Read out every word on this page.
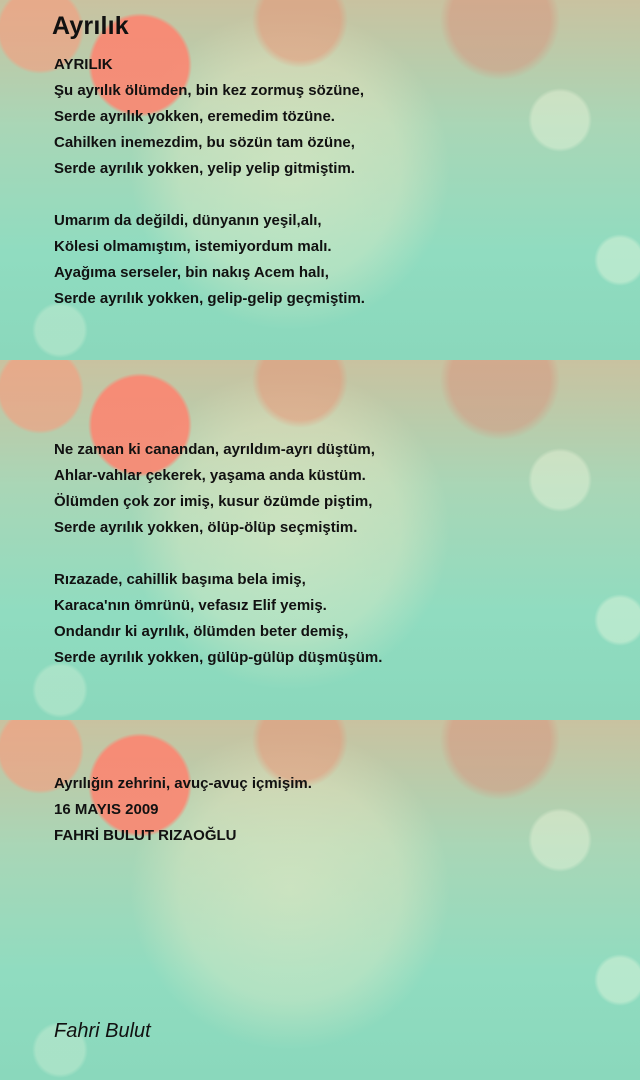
Ayrılık
AYRILIK
Şu ayrılık ölümden, bin kez zormuş sözüne,
Serde ayrılık yokken, eremedim tözüne.
Cahilken inemezdim, bu sözün tam özüne,
Serde ayrılık yokken, yelip yelip gitmiştim.
Umarım da değildi, dünyanın yeşil,alı,
Kölesi olmamıştım, istemiyordum malı.
Ayağıma serseler, bin nakış Acem halı,
Serde ayrılık yokken, gelip-gelip geçmiştim.
Ne zaman ki canandan, ayrıldım-ayrı düştüm,
Ahlar-vahlar çekerek, yaşama anda küstüm.
Ölümden çok zor imiş, kusur özümde piştim,
Serde ayrılık yokken, ölüp-ölüp seçmiştim.
Rızazade, cahillik başıma bela imiş,
Karaca'nın ömrünü, vefasız Elif yemiş.
Ondandır ki ayrılık, ölümden beter demiş,
Serde ayrılık yokken, gülüp-gülüp düşmüşüm.
Ayrılığın zehrini, avuç-avuç içmişim.
16 MAYIS 2009
FAHRİ BULUT RIZAOĞLU

Fahri Bulut
